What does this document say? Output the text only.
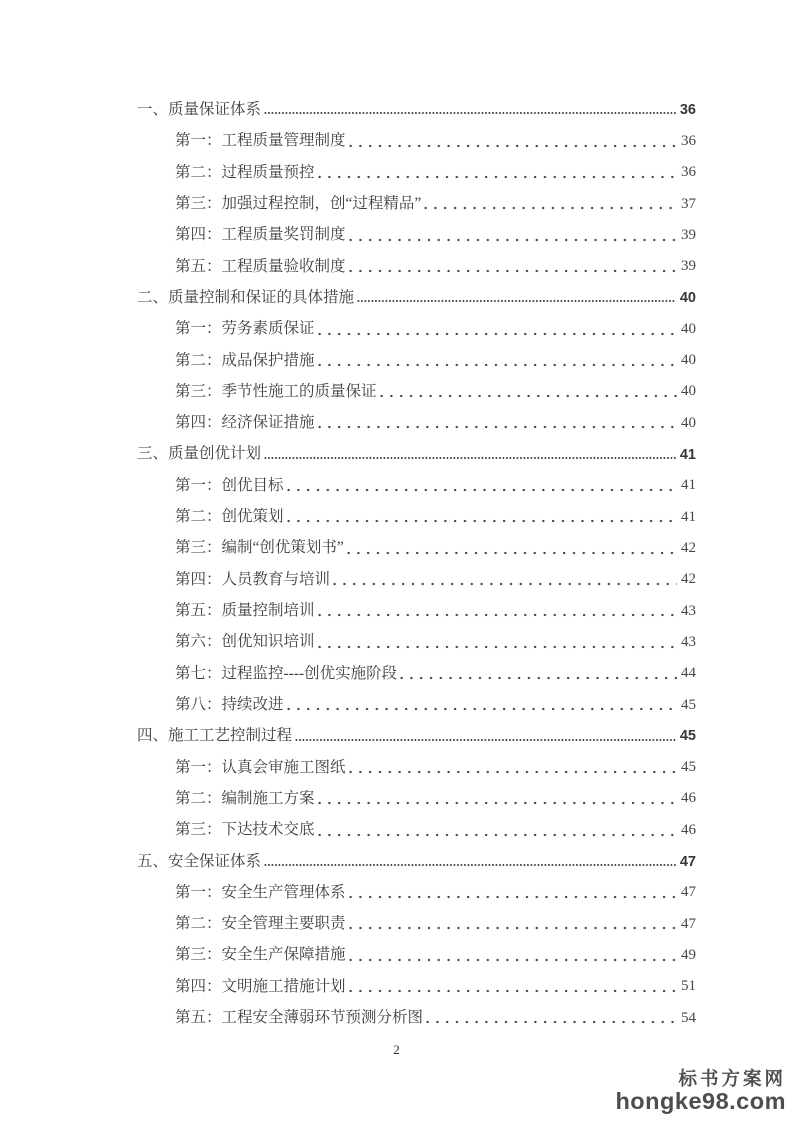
一、质量保证体系	36
第一：工程质量管理制度	36
第二：过程质量预控	36
第三：加强过程控制，创“过程精品”	37
第四：工程质量奖罚制度	39
第五：工程质量验收制度	39
二、质量控制和保证的具体措施	40
第一：劳务素质保证	40
第二：成品保护措施	40
第三：季节性施工的质量保证	40
第四：经济保证措施	40
三、质量创优计划	41
第一：创优目标	41
第二：创优策划	41
第三：编制“创优策划书”	42
第四：人员教育与培训	42
第五：质量控制培训	43
第六：创优知识培训	43
第七：过程监控----创优实施阶段	44
第八：持续改进	45
四、施工工艺控制过程	45
第一：认真会审施工图纸	45
第二：编制施工方案	46
第三：下达技术交底	46
五、安全保证体系	47
第一：安全生产管理体系	47
第二：安全管理主要职责	47
第三：安全生产保障措施	49
第四：文明施工措施计划	51
第五：工程安全薄弱环节预测分析图	54
2
标书方案网
hongke98.com
